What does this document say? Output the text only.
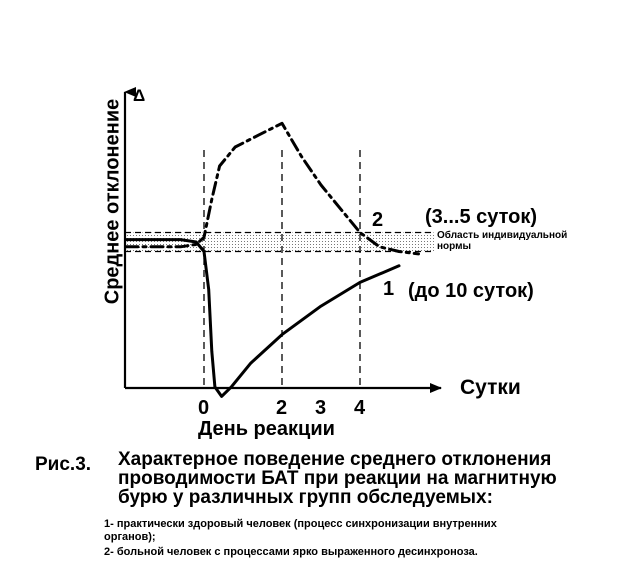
Δ
Среднее отклонение
Сутки
0	2 3 4
День реакции
2 (3...5 суток)
1 (до 10 суток)
Область индивидуальной нормы
Рис.3. Характерное поведение среднего отклонения проводимости БАТ при реакции на магнитную бурю у различных групп обследуемых:
1- практически здоровый человек (процесс синхронизации внутренних органов);
2- больной человек с процессами ярко выраженного десинхроноза.
